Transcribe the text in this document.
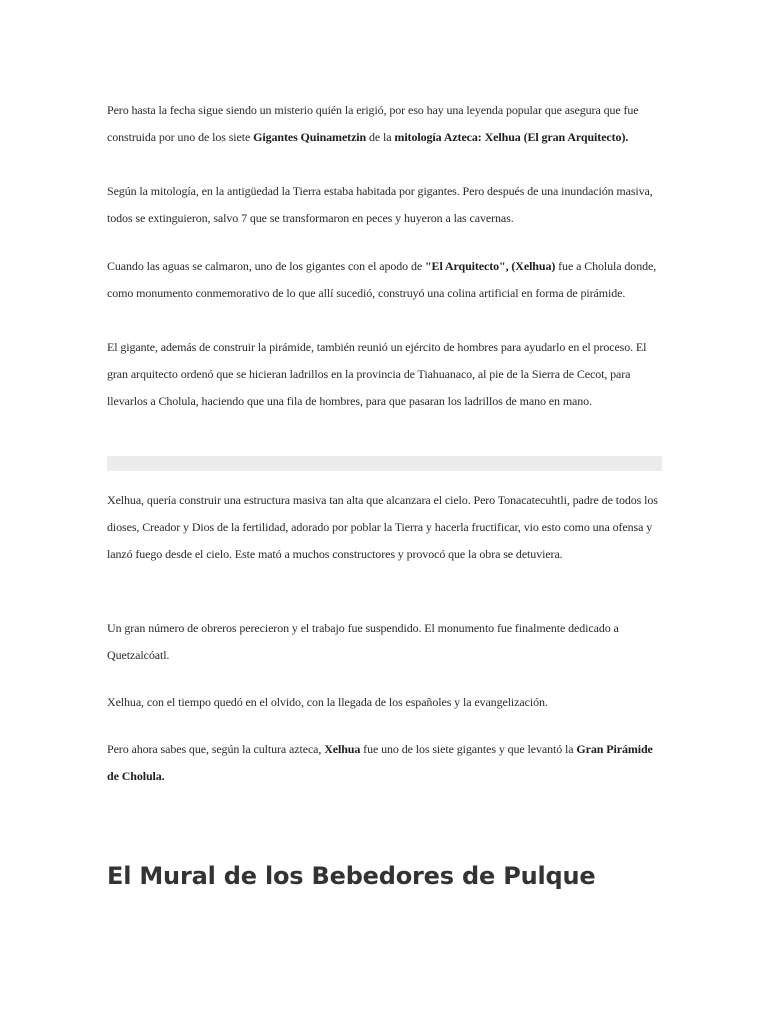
Pero hasta la fecha sigue siendo un misterio quién la erigió, por eso hay una leyenda popular que asegura que fue construida por uno de los siete Gigantes Quinametzin de la mitología Azteca: Xelhua (El gran Arquitecto).

Según la mitología, en la antigüedad la Tierra estaba habitada por gigantes. Pero después de una inundación masiva, todos se extinguieron, salvo 7 que se transformaron en peces y huyeron a las cavernas.

Cuando las aguas se calmaron, uno de los gigantes con el apodo de "El Arquitecto", (Xelhua) fue a Cholula donde, como monumento conmemorativo de lo que allí sucedió, construyó una colina artificial en forma de pirámide.

El gigante, además de construir la pirámide, también reunió un ejército de hombres para ayudarlo en el proceso. El gran arquitecto ordenó que se hicieran ladrillos en la provincia de Tiahuanaco, al pie de la Sierra de Cecot, para llevarlos a Cholula, haciendo que una fila de hombres, para que pasaran los ladrillos de mano en mano.

Xelhua, quería construir una estructura masiva tan alta que alcanzara el cielo. Pero Tonacatecuhtli, padre de todos los dioses, Creador y Dios de la fertilidad, adorado por poblar la Tierra y hacerla fructificar, vio esto como una ofensa y lanzó fuego desde el cielo. Este mató a muchos constructores y provocó que la obra se detuviera.

Un gran número de obreros perecieron y el trabajo fue suspendido. El monumento fue finalmente dedicado a Quetzalcóatl.

Xelhua, con el tiempo quedó en el olvido, con la llegada de los españoles y la evangelización.

Pero ahora sabes que, según la cultura azteca, Xelhua fue uno de los siete gigantes y que levantó la Gran Pirámide de Cholula.

El Mural de los Bebedores de Pulque
